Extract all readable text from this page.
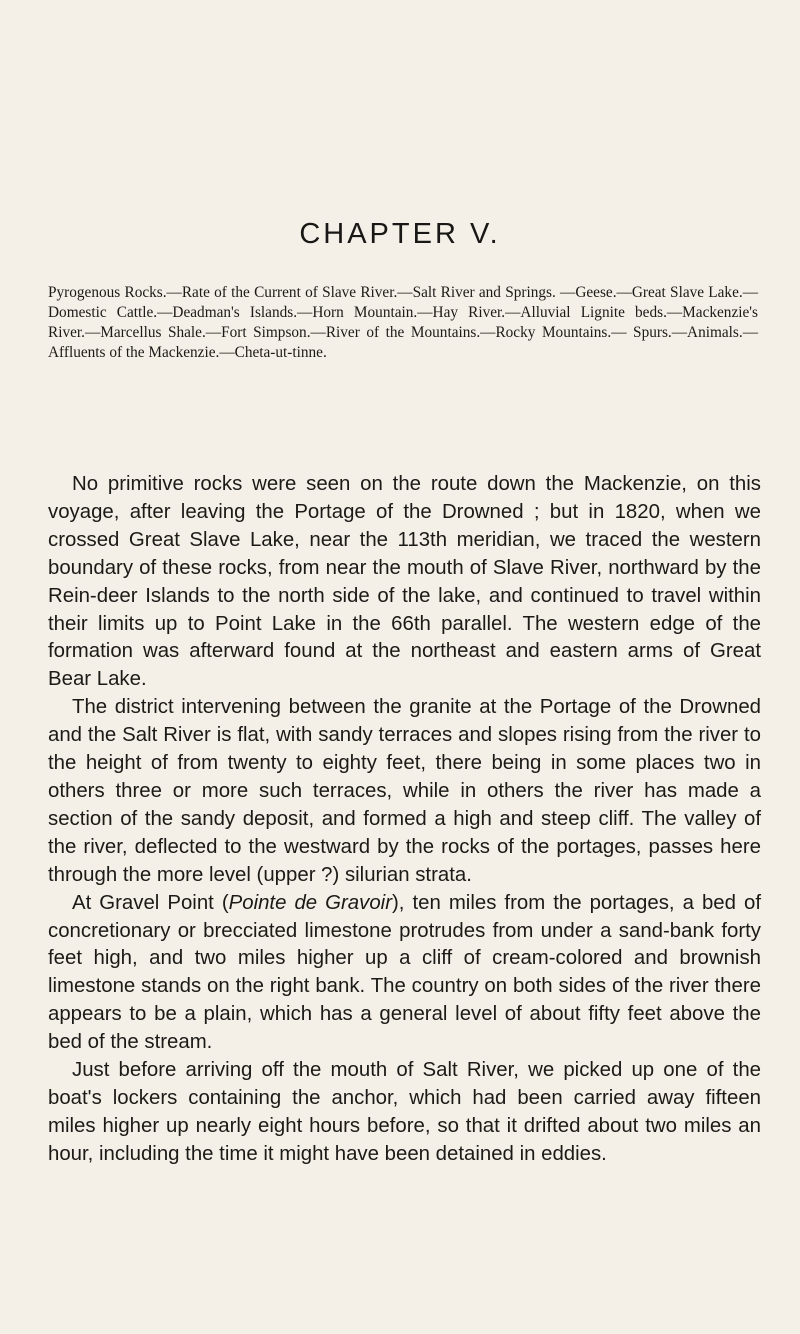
CHAPTER V.

Pyrogenous Rocks.—Rate of the Current of Slave River.—Salt River and Springs. —Geese.—Great Slave Lake.—Domestic Cattle.—Deadman's Islands.—Horn Mountain.—Hay River.—Alluvial Lignite beds.—Mackenzie's River.—Marcellus Shale.—Fort Simpson.—River of the Mountains.—Rocky Mountains.— Spurs.—Animals.—Affluents of the Mackenzie.—Cheta-ut-tinne.

No primitive rocks were seen on the route down the Mackenzie, on this voyage, after leaving the Portage of the Drowned ; but in 1820, when we crossed Great Slave Lake, near the 113th meridian, we traced the western boundary of these rocks, from near the mouth of Slave River, northward by the Rein-deer Islands to the north side of the lake, and continued to travel within their limits up to Point Lake in the 66th parallel. The western edge of the formation was afterward found at the northeast and eastern arms of Great Bear Lake.

The district intervening between the granite at the Portage of the Drowned and the Salt River is flat, with sandy terraces and slopes rising from the river to the height of from twenty to eighty feet, there being in some places two in others three or more such terraces, while in others the river has made a section of the sandy deposit, and formed a high and steep cliff. The valley of the river, deflected to the westward by the rocks of the portages, passes here through the more level (upper ?) silurian strata.

At Gravel Point (Pointe de Gravoir), ten miles from the portages, a bed of concretionary or brecciated limestone protrudes from under a sand-bank forty feet high, and two miles higher up a cliff of cream-colored and brownish limestone stands on the right bank. The country on both sides of the river there appears to be a plain, which has a general level of about fifty feet above the bed of the stream.

Just before arriving off the mouth of Salt River, we picked up one of the boat's lockers containing the anchor, which had been carried away fifteen miles higher up nearly eight hours before, so that it drifted about two miles an hour, including the time it might have been detained in eddies.
